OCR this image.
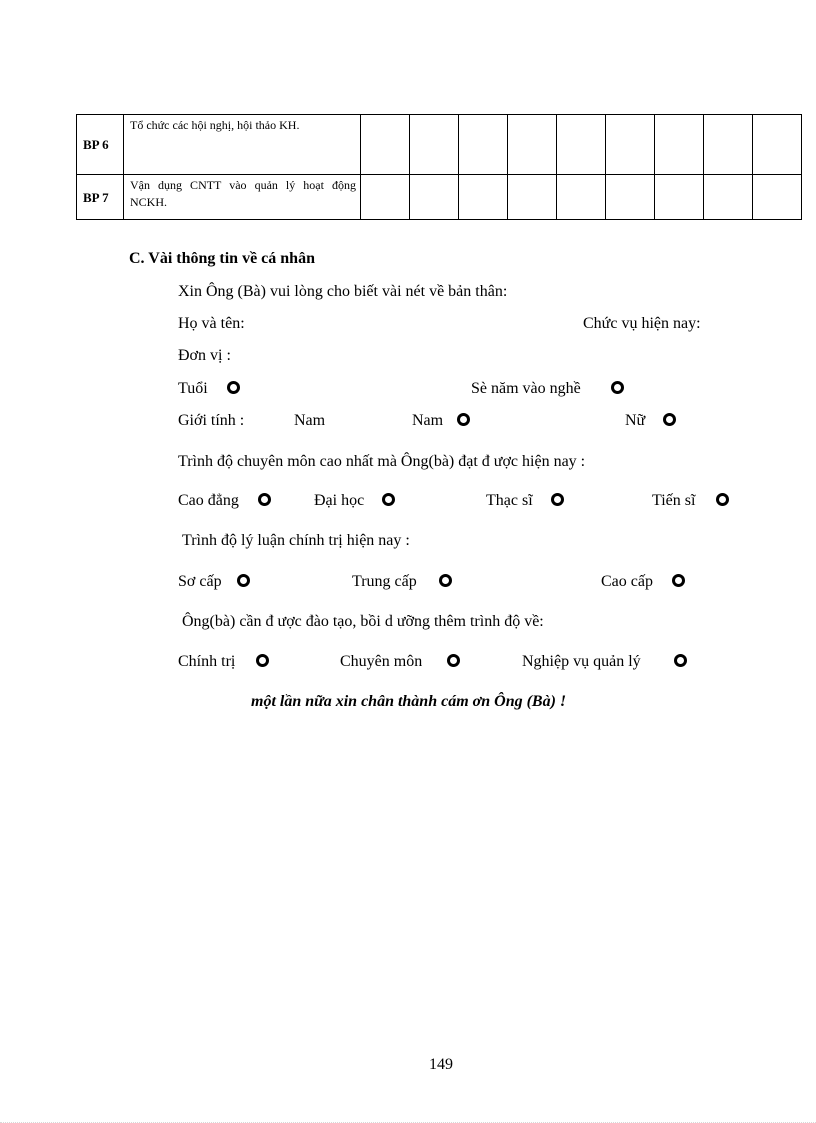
BP 6	Tổ chức các hội nghị, hội thảo KH.									
BP 7	Vận dụng CNTT vào quản lý hoạt động NCKH.									
C. Vài thông tin về cá nhân
Xin Ông (Bà) vui lòng cho biết vài nét về bản thân:
Họ và tên:	Chức vụ hiện nay:
Đơn vị :
Tuổi	Sè năm vào nghề
Giới tính :	Nam	Nam	Nữ
Trình độ chuyên môn cao nhất mà Ông(bà) đạt đ ược hiện nay :
Cao đẳng	Đại học	Thạc sĩ	Tiến sĩ
Trình độ lý luận chính trị hiện nay :
Sơ cấp	Trung cấp	Cao cấp
Ông(bà) cần đ ược đào tạo, bồi d ưỡng thêm trình độ về:
Chính trị	Chuyên môn	Nghiệp vụ quản lý
một lần nữa xin chân thành cám ơn Ông (Bà) !
149
